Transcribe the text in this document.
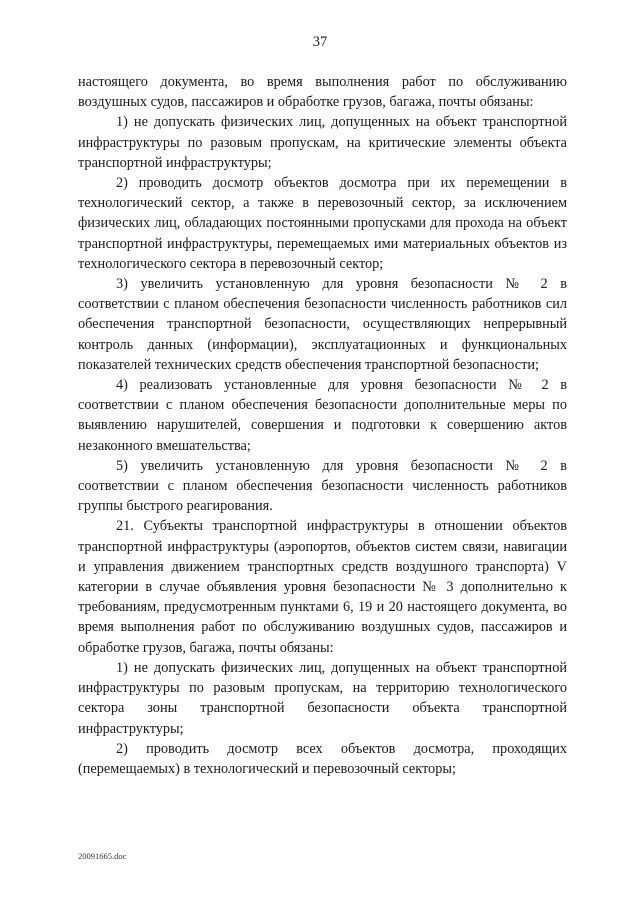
37

настоящего документа, во время выполнения работ по обслуживанию воздушных судов, пассажиров и обработке грузов, багажа, почты обязаны:

1) не допускать физических лиц, допущенных на объект транспортной инфраструктуры по разовым пропускам, на критические элементы объекта транспортной инфраструктуры;

2) проводить досмотр объектов досмотра при их перемещении в технологический сектор, а также в перевозочный сектор, за исключением физических лиц, обладающих постоянными пропусками для прохода на объект транспортной инфраструктуры, перемещаемых ими материальных объектов из технологического сектора в перевозочный сектор;

3) увеличить установленную для уровня безопасности № 2 в соответствии с планом обеспечения безопасности численность работников сил обеспечения транспортной безопасности, осуществляющих непрерывный контроль данных (информации), эксплуатационных и функциональных показателей технических средств обеспечения транспортной безопасности;

4) реализовать установленные для уровня безопасности № 2 в соответствии с планом обеспечения безопасности дополнительные меры по выявлению нарушителей, совершения и подготовки к совершению актов незаконного вмешательства;

5) увеличить установленную для уровня безопасности № 2 в соответствии с планом обеспечения безопасности численность работников группы быстрого реагирования.

21. Субъекты транспортной инфраструктуры в отношении объектов транспортной инфраструктуры (аэропортов, объектов систем связи, навигации и управления движением транспортных средств воздушного транспорта) V категории в случае объявления уровня безопасности № 3 дополнительно к требованиям, предусмотренным пунктами 6, 19 и 20 настоящего документа, во время выполнения работ по обслуживанию воздушных судов, пассажиров и обработке грузов, багажа, почты обязаны:

1) не допускать физических лиц, допущенных на объект транспортной инфраструктуры по разовым пропускам, на территорию технологического сектора зоны транспортной безопасности объекта транспортной инфраструктуры;

2) проводить досмотр всех объектов досмотра, проходящих (перемещаемых) в технологический и перевозочный секторы;

20091665.doc
